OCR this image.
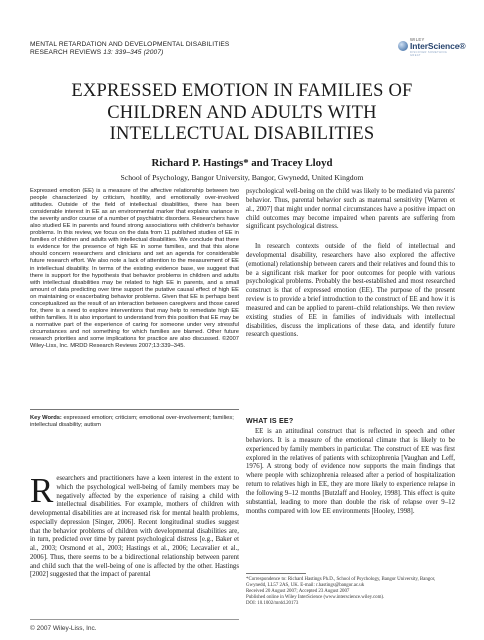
MENTAL RETARDATION AND DEVELOPMENTAL DISABILITIES
RESEARCH REVIEWS 13: 339–345 (2007)
WILEY
InterScience®
DISCOVER SOMETHING GREAT
EXPRESSED EMOTION IN FAMILIES OF
CHILDREN AND ADULTS WITH
INTELLECTUAL DISABILITIES
Richard P. Hastings* and Tracey Lloyd
School of Psychology, Bangor University, Bangor, Gwynedd, United Kingdom
Expressed emotion (EE) is a measure of the affective relationship between two people characterized by criticism, hostility, and emotionally over-involved attitudes. Outside of the field of intellectual disabilities, there has been considerable interest in EE as an environmental marker that explains variance in the severity and/or course of a number of psychiatric disorders. Researchers have also studied EE in parents and found strong associations with children's behavior problems. In this review, we focus on the data from 11 published studies of EE in families of children and adults with intellectual disabilities. We conclude that there is evidence for the presence of high EE in some families, and that this alone should concern researchers and clinicians and set an agenda for considerable future research effort. We also note a lack of attention to the measurement of EE in intellectual disability. In terms of the existing evidence base, we suggest that there is support for the hypothesis that behavior problems in children and adults with intellectual disabilities may be related to high EE in parents, and a small amount of data predicting over time support the putative causal effect of high EE on maintaining or exacerbating behavior problems. Given that EE is perhaps best conceptualized as the result of an interaction between caregivers and those cared for, there is a need to explore interventions that may help to remediate high EE within families. It is also important to understand from this position that EE may be a normative part of the experience of caring for someone under very stressful circumstances and not something for which families are blamed. Other future research priorities and some implications for practice are also discussed. ©2007 Wiley-Liss, Inc. MRDD Research Reviews 2007;13:339–345.
Key Words: expressed emotion; criticism; emotional over-involvement; families; intellectual disability; autism
Researchers and practitioners have a keen interest in the extent to which the psychological well-being of family members may be negatively affected by the experience of raising a child with intellectual disabilities. For example, mothers of children with developmental disabilities are at increased risk for mental health problems, especially depression [Singer, 2006]. Recent longitudinal studies suggest that the behavior problems of children with developmental disabilities are, in turn, predicted over time by parent psychological distress [e.g., Baker et al., 2003; Orsmond et al., 2003; Hastings et al., 2006; Lecavalier et al., 2006]. Thus, there seems to be a bidirectional relationship between parent and child such that the well-being of one is affected by the other. Hastings [2002] suggested that the impact of parental
© 2007 Wiley-Liss, Inc.
psychological well-being on the child was likely to be mediated via parents' behavior. Thus, parental behavior such as maternal sensitivity [Warren et al., 2007] that might under normal circumstances have a positive impact on child outcomes may become impaired when parents are suffering from significant psychological distress.
In research contexts outside of the field of intellectual and developmental disability, researchers have also explored the affective (emotional) relationship between carers and their relatives and found this to be a significant risk marker for poor outcomes for people with various psychological problems. Probably the best-established and most researched construct is that of expressed emotion (EE). The purpose of the present review is to provide a brief introduction to the construct of EE and how it is measured and can be applied to parent–child relationships. We then review existing studies of EE in families of individuals with intellectual disabilities, discuss the implications of these data, and identify future research questions.
WHAT IS EE?
EE is an attitudinal construct that is reflected in speech and other behaviors. It is a measure of the emotional climate that is likely to be experienced by family members in particular. The construct of EE was first explored in the relatives of patients with schizophrenia [Vaughan and Leff, 1976]. A strong body of evidence now supports the main findings that where people with schizophrenia released after a period of hospitalization return to relatives high in EE, they are more likely to experience relapse in the following 9–12 months [Butzlaff and Hooley, 1998]. This effect is quite substantial, leading to more than double the risk of relapse over 9–12 months compared with low EE environments [Hooley, 1998].
*Correspondence to: Richard Hastings Ph.D., School of Psychology, Bangor University, Bangor, Gwynedd, LL57 2AS, UK. E-mail: r.hastings@bangor.ac.uk
Received 20 August 2007; Accepted 23 August 2007
Published online in Wiley InterScience (www.interscience.wiley.com).
DOI: 10.1002/mrdd.20173
